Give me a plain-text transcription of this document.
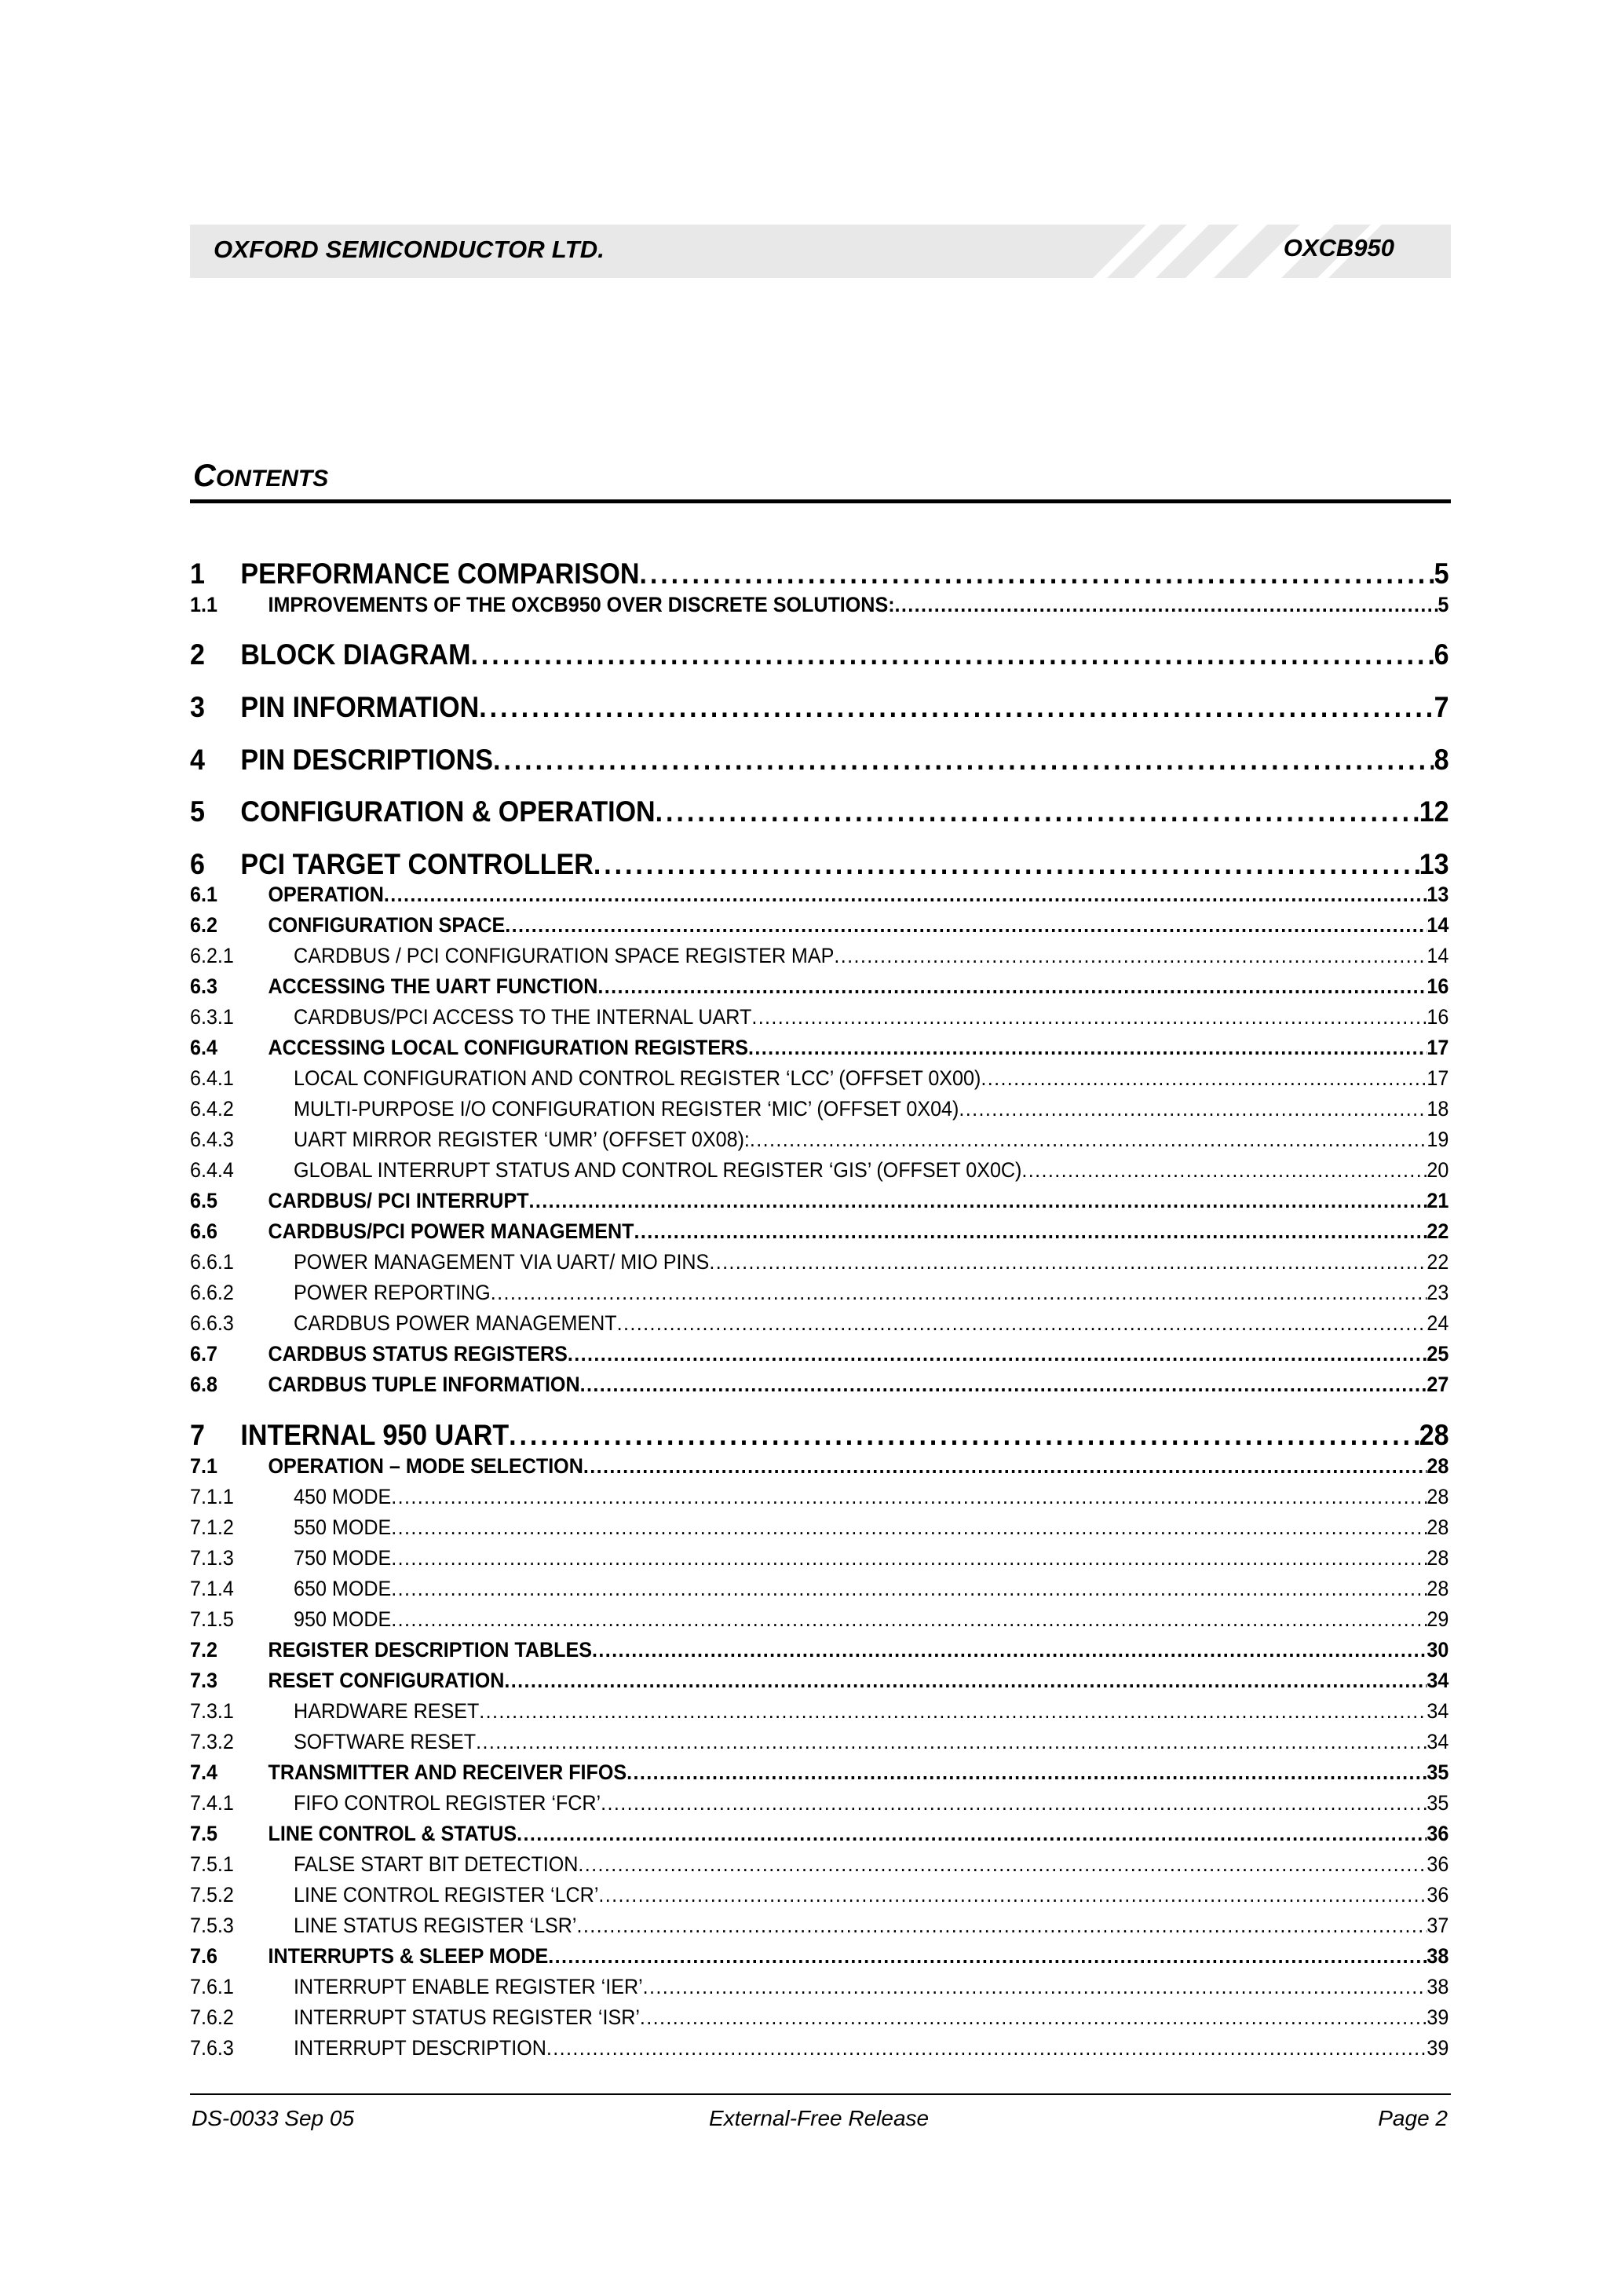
OXFORD SEMICONDUCTOR LTD.	OXCB950
CONTENTS
1	PERFORMANCE COMPARISON . . .	5
1.1	IMPROVEMENTS OF THE OXCB950 OVER DISCRETE SOLUTIONS: . . .	5
2	BLOCK DIAGRAM . . .	6
3	PIN INFORMATION . . .	7
4	PIN DESCRIPTIONS . . .	8
5	CONFIGURATION & OPERATION . . .	12
6	PCI TARGET CONTROLLER . . .	13
6.1	OPERATION . . .	13
6.2	CONFIGURATION SPACE . . .	14
6.2.1	CARDBUS / PCI CONFIGURATION SPACE REGISTER MAP . . .	14
6.3	ACCESSING THE UART FUNCTION . . .	16
6.3.1	CARDBUS/PCI ACCESS TO THE INTERNAL UART . . .	16
6.4	ACCESSING LOCAL CONFIGURATION REGISTERS . . .	17
6.4.1	LOCAL CONFIGURATION AND CONTROL REGISTER ‘LCC’ (OFFSET 0X00) . . .	17
6.4.2	MULTI-PURPOSE I/O CONFIGURATION REGISTER ‘MIC’ (OFFSET 0X04) . . .	18
6.4.3	UART MIRROR REGISTER ‘UMR’ (OFFSET 0X08): . . .	19
6.4.4	GLOBAL INTERRUPT STATUS AND CONTROL REGISTER ‘GIS’ (OFFSET 0X0C) . . .	20
6.5	CARDBUS/ PCI INTERRUPT . . .	21
6.6	CARDBUS/PCI POWER MANAGEMENT . . .	22
6.6.1	POWER MANAGEMENT VIA UART/ MIO PINS . . .	22
6.6.2	POWER REPORTING . . .	23
6.6.3	CARDBUS POWER MANAGEMENT . . .	24
6.7	CARDBUS STATUS REGISTERS . . .	25
6.8	CARDBUS TUPLE INFORMATION . . .	27
7	INTERNAL 950 UART . . .	28
7.1	OPERATION – MODE SELECTION . . .	28
7.1.1	450 MODE . . .	28
7.1.2	550 MODE . . .	28
7.1.3	750 MODE . . .	28
7.1.4	650 MODE . . .	28
7.1.5	950 MODE . . .	29
7.2	REGISTER DESCRIPTION TABLES . . .	30
7.3	RESET CONFIGURATION . . .	34
7.3.1	HARDWARE RESET . . .	34
7.3.2	SOFTWARE RESET . . .	34
7.4	TRANSMITTER AND RECEIVER FIFOS . . .	35
7.4.1	FIFO CONTROL REGISTER ‘FCR’ . . .	35
7.5	LINE CONTROL & STATUS . . .	36
7.5.1	FALSE START BIT DETECTION . . .	36
7.5.2	LINE CONTROL REGISTER ‘LCR’ . . .	36
7.5.3	LINE STATUS REGISTER ‘LSR’ . . .	37
7.6	INTERRUPTS & SLEEP MODE . . .	38
7.6.1	INTERRUPT ENABLE REGISTER ‘IER’ . . .	38
7.6.2	INTERRUPT STATUS REGISTER ‘ISR’ . . .	39
7.6.3	INTERRUPT DESCRIPTION . . .	39
DS-0033 Sep 05	External-Free Release	Page 2
